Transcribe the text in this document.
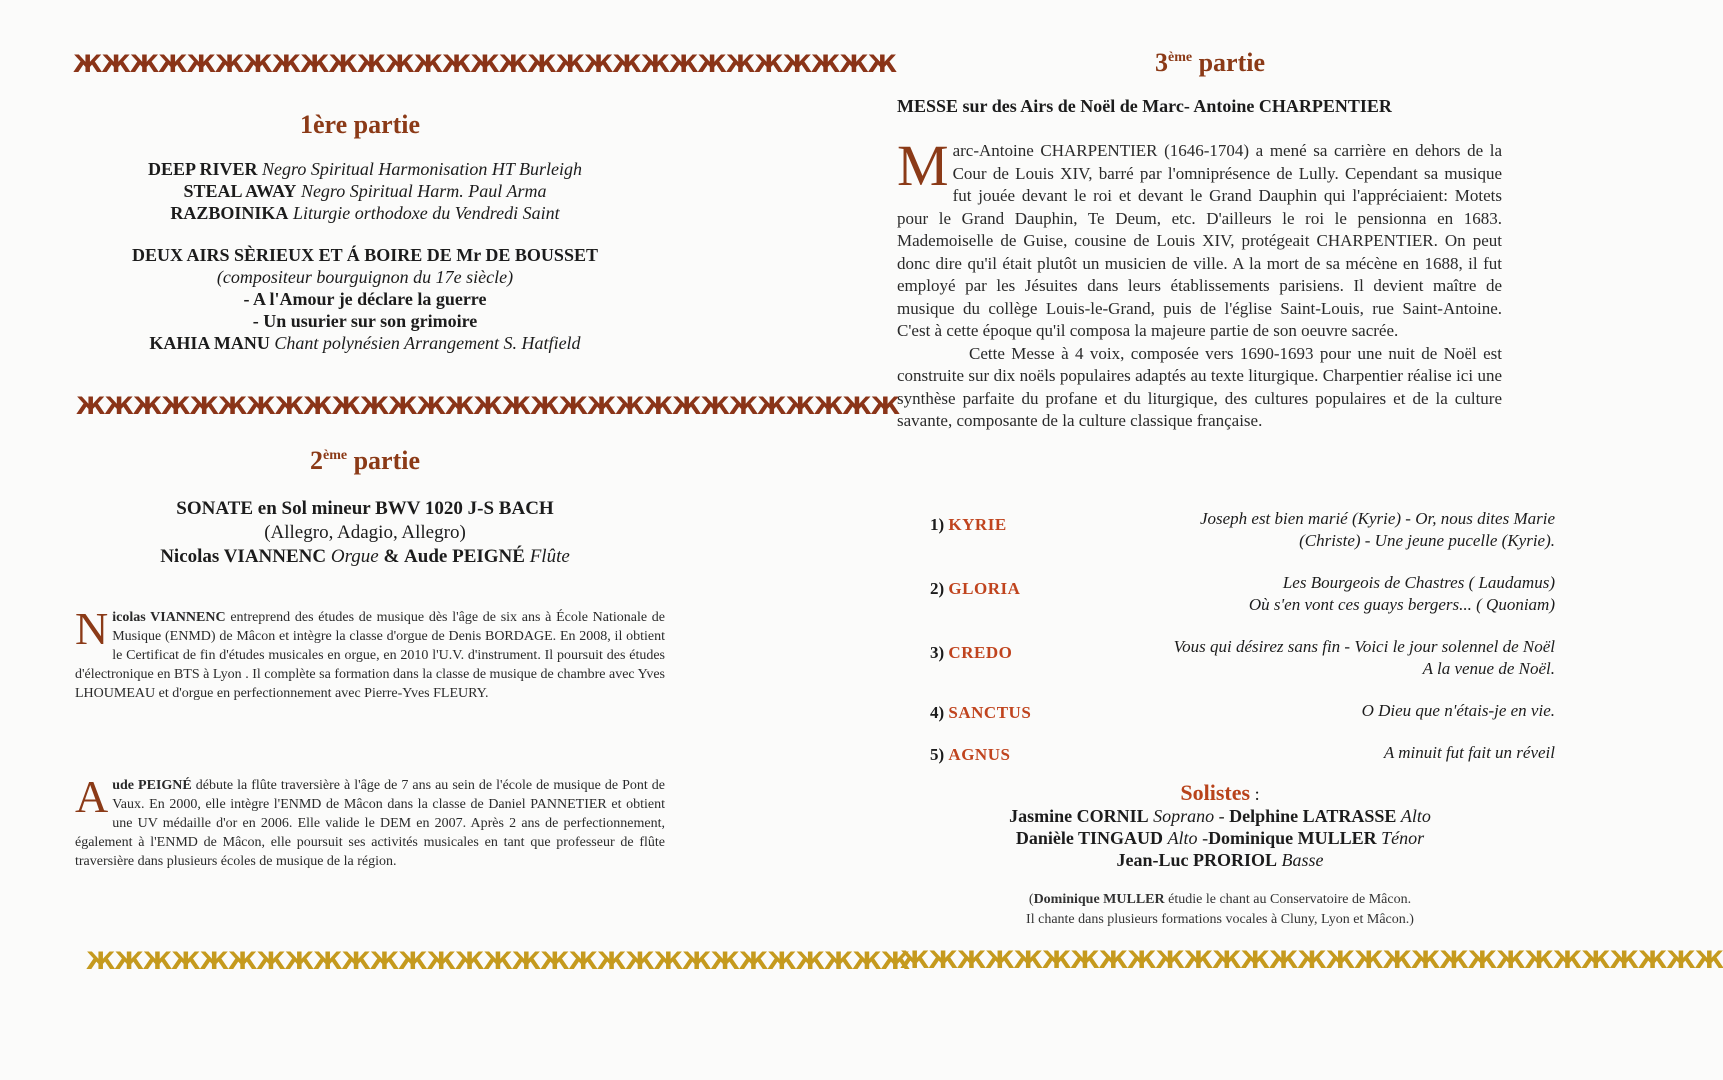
ЖЖЖЖЖЖЖЖЖЖЖЖЖЖЖЖЖЖЖЖЖЖЖЖЖЖЖЖЖ
1ère partie
DEEP RIVER Negro Spiritual Harmonisation HT Burleigh
STEAL AWAY Negro Spiritual Harm. Paul Arma
RAZBOINIKA Liturgie orthodoxe du Vendredi Saint
DEUX AIRS SÈRIEUX ET Á BOIRE DE Mr DE BOUSSET
(compositeur bourguignon du 17e siècle)
- A l'Amour je déclare la guerre
- Un usurier sur son grimoire
KAHIA MANU Chant polynésien Arrangement S. Hatfield
ЖЖЖЖЖЖЖЖЖЖЖЖЖЖЖЖЖЖЖЖЖЖЖЖЖЖЖЖЖ
2ème partie
SONATE en Sol mineur BWV 1020 J-S BACH
(Allegro, Adagio, Allegro)
Nicolas VIANNENC Orgue & Aude PEIGNÉ Flûte
Nicolas VIANNENC entreprend des études de musique dès l'âge de six ans à École Nationale de Musique (ENMD) de Mâcon et intègre la classe d'orgue de Denis BORDAGE. En 2008, il obtient le Certificat de fin d'études musicales en orgue, en 2010 l'U.V. d'instrument. Il poursuit des études d'électronique en BTS à Lyon . Il complète sa formation dans la classe de musique de chambre avec Yves LHOUMEAU et d'orgue en perfectionnement avec Pierre-Yves FLEURY.
Aude PEIGNÉ débute la flûte traversière à l'âge de 7 ans au sein de l'école de musique de Pont de Vaux. En 2000, elle intègre l'ENMD de Mâcon dans la classe de Daniel PANNETIER et obtient une UV médaille d'or en 2006. Elle valide le DEM en 2007. Après 2 ans de perfectionnement, également à l'ENMD de Mâcon, elle poursuit ses activités musicales en tant que professeur de flûte traversière dans plusieurs écoles de musique de la région.
ЖЖЖЖЖЖЖЖЖЖЖЖЖЖЖЖЖЖЖЖЖЖЖЖЖЖЖЖЖ
3ème partie
MESSE sur des Airs de Noël de Marc- Antoine CHARPENTIER
Marc-Antoine CHARPENTIER (1646-1704) a mené sa carrière en dehors de la Cour de Louis XIV, barré par l'omniprésence de Lully. Cependant sa musique fut jouée devant le roi et devant le Grand Dauphin qui l'appréciaient: Motets pour le Grand Dauphin, Te Deum, etc. D'ailleurs le roi le pensionna en 1683. Mademoiselle de Guise, cousine de Louis XIV, protégeait CHARPENTIER. On peut donc dire qu'il était plutôt un musicien de ville. A la mort de sa mécène en 1688, il fut employé par les Jésuites dans leurs établissements parisiens. Il devient maître de musique du collège Louis-le-Grand, puis de l'église Saint-Louis, rue Saint-Antoine. C'est à cette époque qu'il composa la majeure partie de son oeuvre sacrée.
Cette Messe à 4 voix, composée vers 1690-1693 pour une nuit de Noël est construite sur dix noëls populaires adaptés au texte liturgique. Charpentier réalise ici une synthèse parfaite du profane et du liturgique, des cultures populaires et de la culture savante, composante de la culture classique française.
1) KYRIE	Joseph est bien marié (Kyrie) - Or, nous dites Marie
(Christe) - Une jeune pucelle (Kyrie).
2) GLORIA	Les Bourgeois de Chastres ( Laudamus)
Où s'en vont ces guays bergers... ( Quoniam)
3) CREDO	Vous qui désirez sans fin - Voici le jour solennel de Noël
A la venue de Noël.
4) SANCTUS	O Dieu que n'étais-je en vie.
5) AGNUS	A minuit fut fait un réveil
Solistes :
Jasmine CORNIL Soprano - Delphine LATRASSE Alto
Danièle TINGAUD Alto -Dominique MULLER Ténor
Jean-Luc PRORIOL Basse
(Dominique MULLER étudie le chant au Conservatoire de Mâcon.
Il chante dans plusieurs formations vocales à Cluny, Lyon et Mâcon.)
ЖЖЖЖЖЖЖЖЖЖЖЖЖЖЖЖЖЖЖЖЖЖЖЖЖЖЖЖЖ
